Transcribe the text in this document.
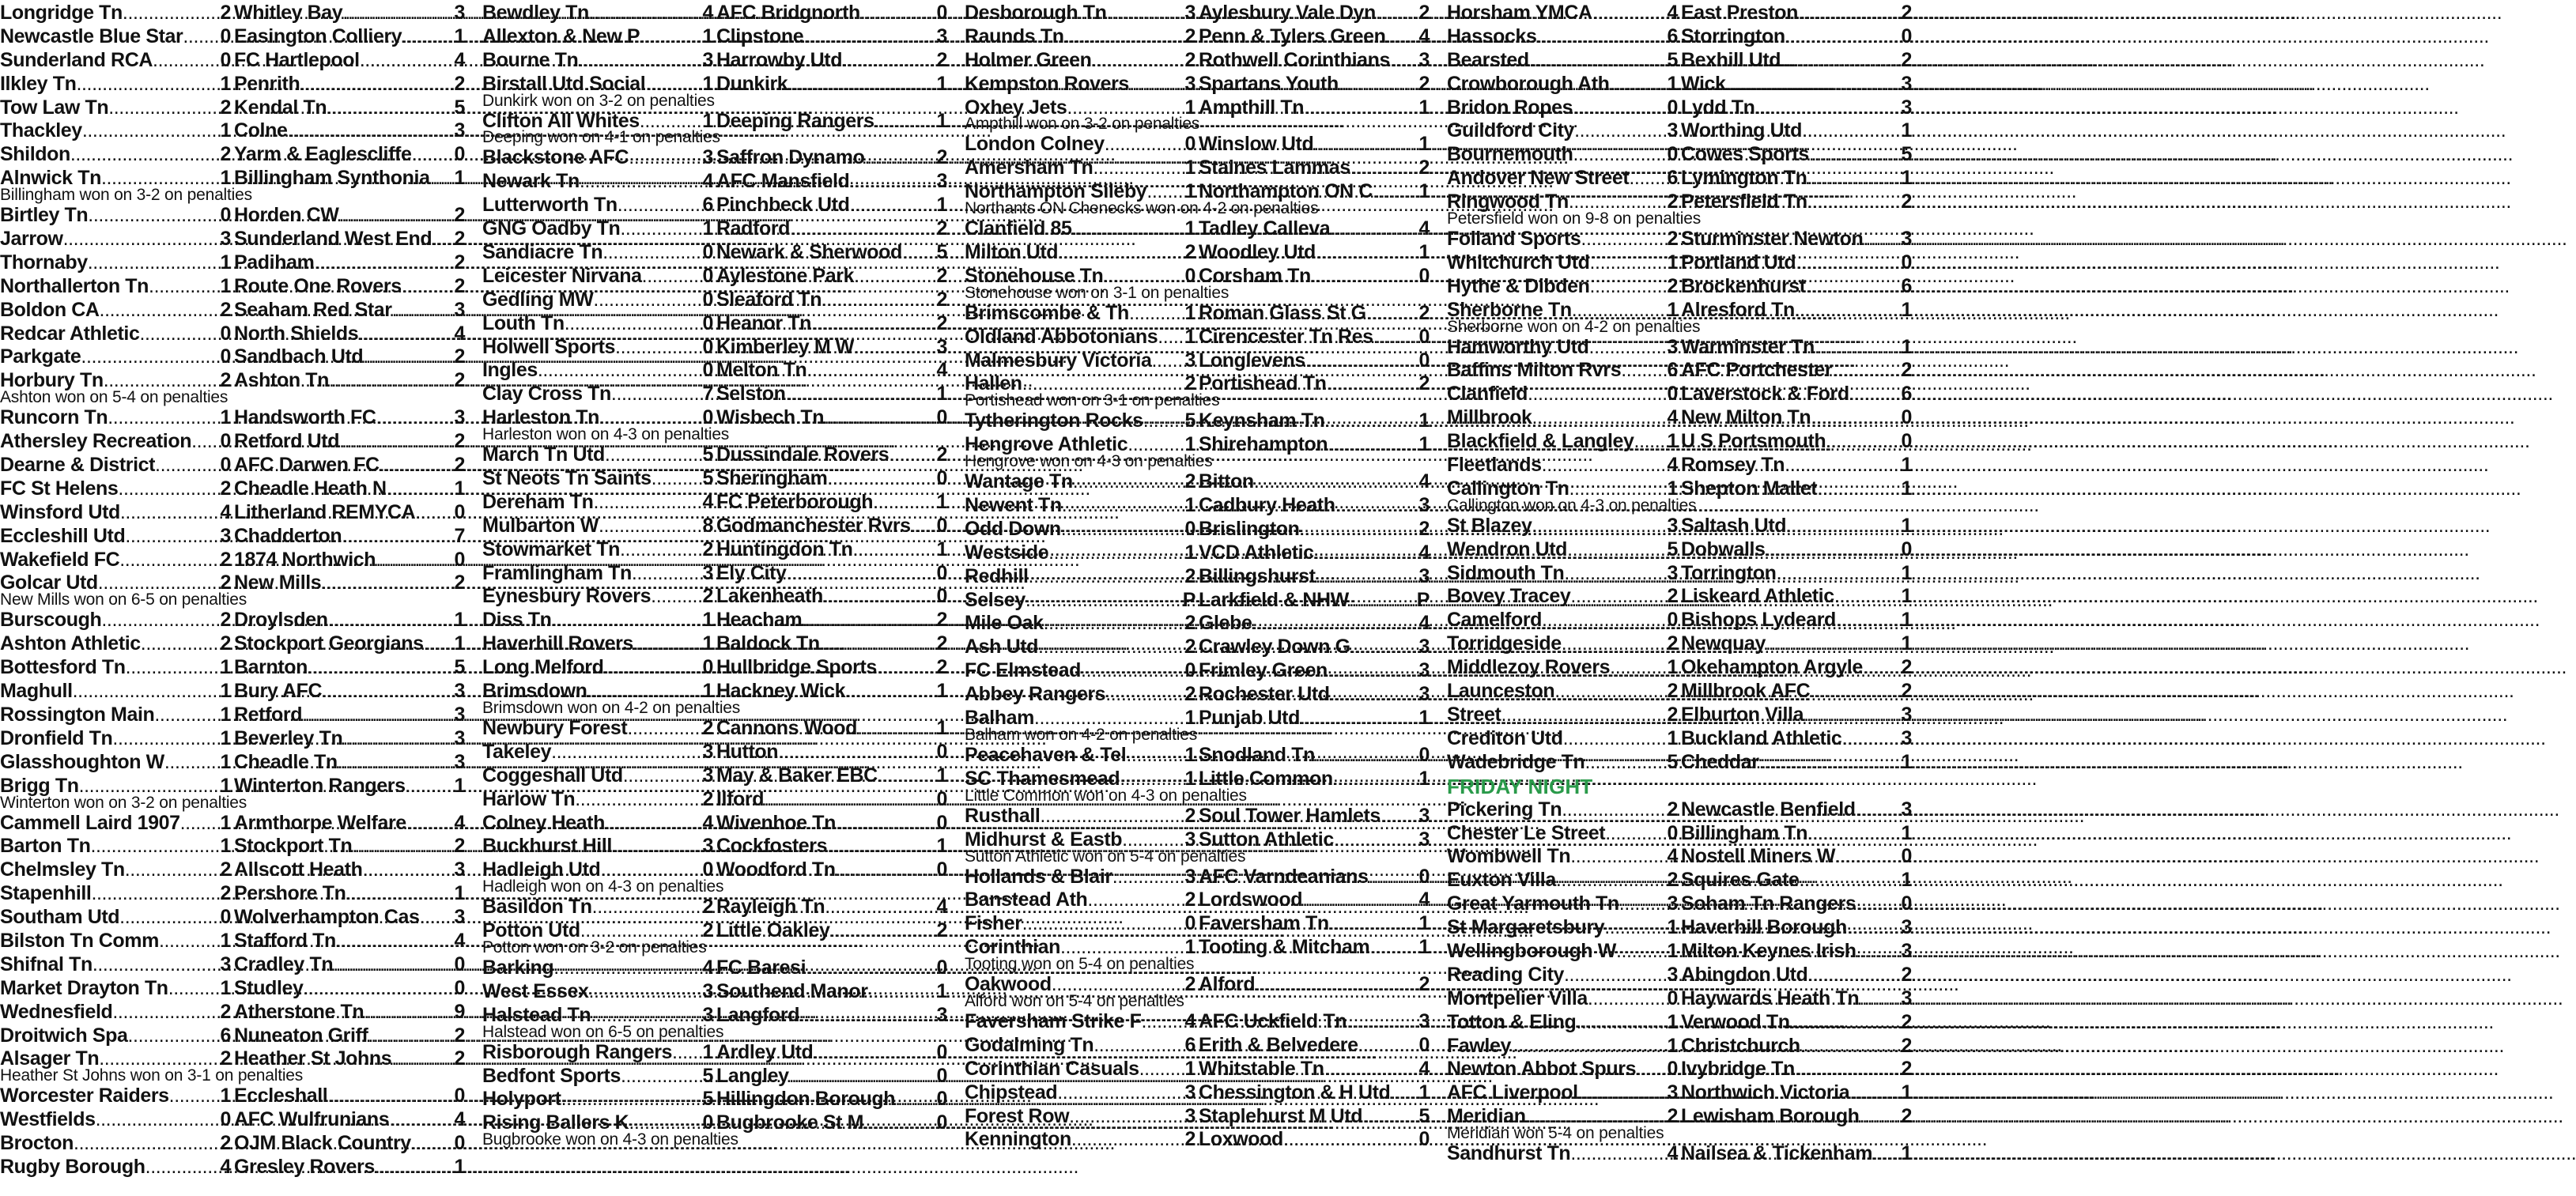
Longridge Tn .....	2 Whitley Bay .....	3
Newcastle Blue Star ..... 0 Easington Colliery .....	1
Sunderland RCA .....	0 FC Hartlepool .....	4
Ilkley Tn .....	1 Penrith .....	2
Tow Law Tn .....	2 Kendal Tn .....	5
Thackley .....	1 Colne .....	3
Shildon .....	2 Yarm & Eaglescliffe ..... 0
Alnwick Tn .....	1 Billingham Synthonia ..... 1
Billingham won on 3-2 on penalties
Birtley Tn .....	0 Horden CW .....	2
Jarrow .....	3 Sunderland West End ..... 2
Thornaby .....	1 Padiham .....	2
Northallerton Tn .....	1 Route One Rovers .....	2
Boldon CA .....	2 Seaham Red Star .....	3
Redcar Athletic .....	0 North Shields .....	4
Parkgate .....	0 Sandbach Utd .....	2
Horbury Tn .....	2 Ashton Tn .....	2
Ashton won on 5-4 on penalties
Runcorn Tn .....	1 Handsworth FC .....	3
Athersley Recreation ..... 0 Retford Utd .....	2
Dearne & District .....	0 AFC Darwen FC .....	2
FC St Helens .....	2 Cheadle Heath N .....	1
Winsford Utd .....	4 Litherland REMYCA ..... 0
Eccleshill Utd .....	3 Chadderton .....	7
Wakefield FC .....	2 1874 Northwich .....	0
Golcar Utd .....	2 New Mills .....	2
New Mills won on 6-5 on penalties
Burscough .....	2 Droylsden .....	1
Ashton Athletic .....	2 Stockport Georgians ..... 1
Bottesford Tn .....	1 Barnton .....	5
Maghull .....	1 Bury AFC .....	3
Rossington Main .....	1 Retford .....	3
Dronfield Tn .....	1 Beverley Tn .....	3
Glasshoughton W .....	1 Cheadle Tn .....	3
Brigg Tn .....	1 Winterton Rangers ..... 1
Winterton won on 3-2 on penalties
Cammell Laird 1907 ..... 1 Armthorpe Welfare ..... 4
Barton Tn .....	1 Stockport Tn .....	2
Chelmsley Tn .....	2 Allscott Heath .....	3
Stapenhill .....	2 Pershore Tn .....	1
Southam Utd .....	0 Wolverhampton Cas ..... 3
Bilston Tn Comm .....	1 Stafford Tn .....	4
Shifnal Tn .....	3 Cradley Tn .....	0
Market Drayton Tn .....	1 Studley .....	0
Wednesfield .....	2 Atherstone Tn .....	9
Droitwich Spa .....	6 Nuneaton Griff .....	2
Alsager Tn .....	2 Heather St Johns .....	2
Heather St Johns won on 3-1 on penalties
Worcester Raiders .....	1 Eccleshall .....	0
Westfields .....	0 AFC Wulfrunians .....	4
Brocton .....	2 OJM Black Country ..... 0
Rugby Borough .....	4 Gresley Rovers .....	1
Bewdley Tn .....	4 AFC Bridgnorth .....	0
Allexton & New P .....	1 Clipstone .....	3
Bourne Tn .....	3 Harrowby Utd .....	2
Birstall Utd Social .....	1 Dunkirk .....	1
Dunkirk won on 3-2 on penalties
Clifton All Whites .....	1 Deeping Rangers .....	1
Deeping won on 4-1 on penalties
Blackstone AFC .....	3 Saffron Dynamo .....	2
Newark Tn .....	4 AFC Mansfield .....	3
Lutterworth Tn .....	6 Pinchbeck Utd .....	1
GNG Oadby Tn .....	1 Radford .....	2
Sandiacre Tn .....	0 Newark & Sherwood ..... 5
Leicester Nirvana .....	0 Aylestone Park .....	2
Gedling MW .....	0 Sleaford Tn .....	2
Louth Tn .....	0 Heanor Tn .....	2
Holwell Sports .....	0 Kimberley M W .....	3
Ingles .....	0 Melton Tn .....	4
Clay Cross Tn .....	7 Selston .....	1
Harleston Tn .....	0 Wisbech Tn .....	0
Harleston won on 4-3 on penalties
March Tn Utd .....	5 Dussindale Rovers ..... 2
St Neots Tn Saints .....	5 Sheringham .....	0
Dereham Tn .....	4 FC Peterborough .....	1
Mulbarton W .....	8 Godmanchester Rvrs ..... 0
Stowmarket Tn .....	2 Huntingdon Tn .....	1
Framlingham Tn .....	3 Ely City .....	0
Eynesbury Rovers .....	2 Lakenheath .....	0
Diss Tn .....	1 Heacham .....	2
Haverhill Rovers .....	1 Baldock Tn .....	2
Long Melford .....	0 Hullbridge Sports .....	2
Brimsdown .....	1 Hackney Wick .....	1
Brimsdown won on 4-2 on penalties
Newbury Forest .....	2 Cannons Wood .....	1
Takeley .....	3 Hutton .....	0
Coggeshall Utd .....	3 May & Baker EBC .....	1
Harlow Tn .....	2 Ilford .....	0
Colney Heath .....	4 Wivenhoe Tn .....	0
Buckhurst Hill .....	3 Cockfosters .....	1
Hadleigh Utd .....	0 Woodford Tn .....	0
Hadleigh won on 4-3 on penalties
Basildon Tn .....	2 Rayleigh Tn .....	4
Potton Utd .....	2 Little Oakley .....	2
Potton won on 3-2 on penalties
Barking .....	4 FC Baresi .....	0
West Essex .....	3 Southend Manor .....	1
Halstead Tn .....	3 Langford .....	3
Halstead won on 6-5 on penalties
Risborough Rangers ..... 1 Ardley Utd .....	0
Bedfont Sports .....	5 Langley .....	0
Holyport .....	5 Hillingdon Borough ..... 0
Rising Ballers K .....	0 Bugbrooke St M .....	0
Bugbrooke won on 4-3 on penalties
Desborough Tn .....	3 Aylesbury Vale Dyn ..... 2
Raunds Tn .....	2 Penn & Tylers Green ..... 4
Holmer Green .....	2 Rothwell Corinthians ..... 3
Kempston Rovers .....	3 Spartans Youth .....	2
Oxhey Jets .....	1 Ampthill Tn .....	1
Ampthill won on 3-2 on penalties
London Colney .....	0 Winslow Utd .....	1
Amersham Tn .....	1 Staines Lammas .....	2
Northampton Sileby ..... 1 Northampton ON C ..... 1
Northants ON Chenecks won on 4-2 on penalties
Clanfield 85 .....	1 Tadley Calleva .....	4
Milton Utd .....	2 Woodley Utd .....	1
Stonehouse Tn .....	0 Corsham Tn .....	0
Stonehouse won on 3-1 on penalties
Brimscombe & Th .....	1 Roman Glass St G .....	2
Oldland Abbotonians ..... 1 Cirencester Tn Res ..... 0
Malmesbury Victoria ..... 3 Longlevens .....	0
Hallen .....	2 Portishead Tn .....	2
Portishead won on 3-1 on penalties
Tytherington Rocks ..... 5 Keynsham Tn .....	1
Hengrove Athletic .....	1 Shirehampton .....	1
Hengrove won on 4-3 on penalties
Wantage Tn .....	2 Bitton .....	4
Newent Tn .....	1 Cadbury Heath .....	3
Odd Down .....	0 Brislington .....	2
Westside .....	1 VCD Athletic .....	4
Redhill .....	2 Billingshurst .....	3
Selsey .....	P Larkfield & NHW .....	P
Mile Oak .....	2 Glebe .....	4
Ash Utd .....	2 Crawley Down G .....	3
FC Elmstead .....	0 Frimley Green .....	3
Abbey Rangers .....	2 Rochester Utd .....	3
Balham .....	1 Punjab Utd .....	1
Balham won on 4-2 on penalties
Peacehaven & Tel .....	1 Snodland Tn .....	0
SC Thamesmead .....	1 Little Common .....	1
Little Common won on 4-3 on penalties
Rusthall .....	2 Soul Tower Hamlets ..... 3
Midhurst & Eastb .....	3 Sutton Athletic .....	3
Sutton Athletic won on 5-4 on penalties
Hollands & Blair .....	3 AFC Varndeanians .....	0
Banstead Ath .....	2 Lordswood .....	4
Fisher .....	0 Faversham Tn .....	1
Corinthian .....	1 Tooting & Mitcham ..... 1
Tooting won on 5-4 on penalties
Oakwood .....	2 Alford .....	2
Alford won on 5-4 on penalties
Faversham Strike F ..... 4 AFC Uckfield Tn .....	3
Godalming Tn .....	6 Erith & Belvedere .....	0
Corinthian Casuals ..... 1 Whitstable Tn .....	4
Chipstead .....	3 Chessington & H Utd ..... 1
Forest Row .....	3 Staplehurst M Utd .....	5
Kennington .....	2 Loxwood .....	0
Horsham YMCA .....	4 East Preston .....	2
Hassocks .....	6 Storrington .....	0
Bearsted .....	5 Bexhill Utd .....	2
Crowborough Ath .....	1 Wick .....	3
Bridon Ropes .....	0 Lydd Tn .....	3
Guildford City .....	3 Worthing Utd .....	1
Bournemouth .....	0 Cowes Sports .....	5
Andover New Street ..... 6 Lymington Tn .....	1
Ringwood Tn .....	2 Petersfield Tn .....	2
Petersfield won on 9-8 on penalties
Folland Sports .....	2 Sturminster Newton ..... 3
Whitchurch Utd .....	1 Portland Utd .....	0
Hythe & Dibden .....	2 Brockenhurst .....	6
Sherborne Tn .....	1 Alresford Tn .....	1
Sherborne won on 4-2 on penalties
Hamworthy Utd .....	3 Warminster Tn .....	1
Baffins Milton Rvrs ..... 6 AFC Portchester .....	2
Clanfield .....	0 Laverstock & Ford .....	6
Millbrook .....	4 New Milton Tn .....	0
Blackfield & Langley ..... 1 U S Portsmouth .....	0
Fleetlands .....	4 Romsey Tn .....	1
Callington Tn .....	1 Shepton Mallet .....	1
Callington won on 4-3 on penalties
St Blazey .....	3 Saltash Utd .....	1
Wendron Utd .....	5 Dobwalls .....	0
Sidmouth Tn .....	3 Torrington .....	1
Bovey Tracey .....	2 Liskeard Athletic .....	1
Camelford .....	0 Bishops Lydeard .....	1
Torridgeside .....	2 Newquay .....	1
Middlezoy Rovers .....	1 Okehampton Argyle ..... 2
Launceston .....	2 Millbrook AFC .....	2
Street .....	2 Elburton Villa .....	3
Crediton Utd .....	1 Buckland Athletic .....	3
Wadebridge Tn .....	5 Cheddar .....	1
FRIDAY NIGHT
Pickering Tn .....	2 Newcastle Benfield ..... 3
Chester Le Street .....	0 Billingham Tn .....	1
Wombwell Tn .....	4 Nostell Miners W .....	0
Euxton Villa .....	2 Squires Gate .....	1
Great Yarmouth Tn ..... 3 Soham Tn Rangers ..... 0
St Margaretsbury .....	1 Haverhill Borough .....	3
Wellingborough W .....	1 Milton Keynes Irish ..... 3
Reading City .....	3 Abingdon Utd .....	2
Montpelier Villa .....	0 Haywards Heath Tn ..... 3
Totton & Eling .....	1 Verwood Tn .....	2
Fawley .....	1 Christchurch .....	2
Newton Abbot Spurs ..... 0 Ivybridge Tn .....	2
AFC Liverpool .....	3 Northwich Victoria .....	1
Meridian .....	2 Lewisham Borough ..... 2
Meridian won 5-4 on penalties
Sandhurst Tn .....	4 Nailsea & Tickenham ..... 1
